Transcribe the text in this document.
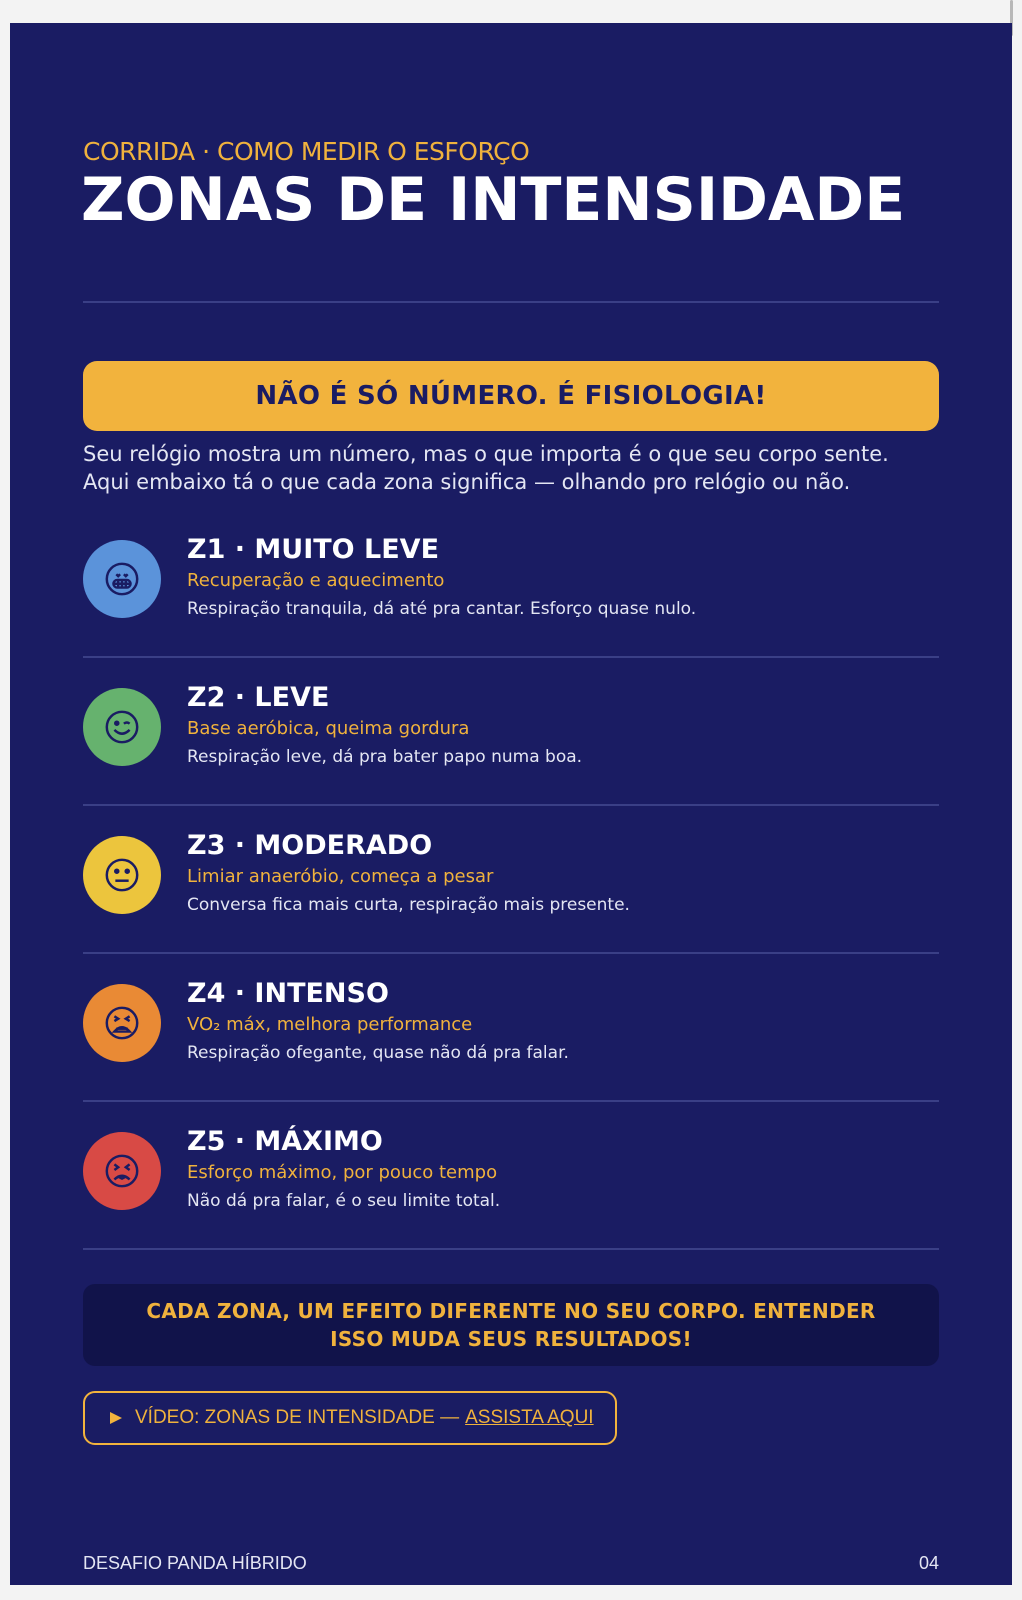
CORRIDA · COMO MEDIR O ESFORÇO
ZONAS DE INTENSIDADE
NÃO É SÓ NÚMERO. É FISIOLOGIA!
Seu relógio mostra um número, mas o que importa é o que seu corpo sente.
Aqui embaixo tá o que cada zona significa — olhando pro relógio ou não.
Z1 · MUITO LEVE
Recuperação e aquecimento
Respiração tranquila, dá até pra cantar. Esforço quase nulo.
Z2 · LEVE
Base aeróbica, queima gordura
Respiração leve, dá pra bater papo numa boa.
Z3 · MODERADO
Limiar anaeróbio, começa a pesar
Conversa fica mais curta, respiração mais presente.
Z4 · INTENSO
VO₂ máx, melhora performance
Respiração ofegante, quase não dá pra falar.
Z5 · MÁXIMO
Esforço máximo, por pouco tempo
Não dá pra falar, é o seu limite total.
CADA ZONA, UM EFEITO DIFERENTE NO SEU CORPO. ENTENDER
ISSO MUDA SEUS RESULTADOS!
VÍDEO: ZONAS DE INTENSIDADE — ASSISTA AQUI
DESAFIO PANDA HÍBRIDO	04
